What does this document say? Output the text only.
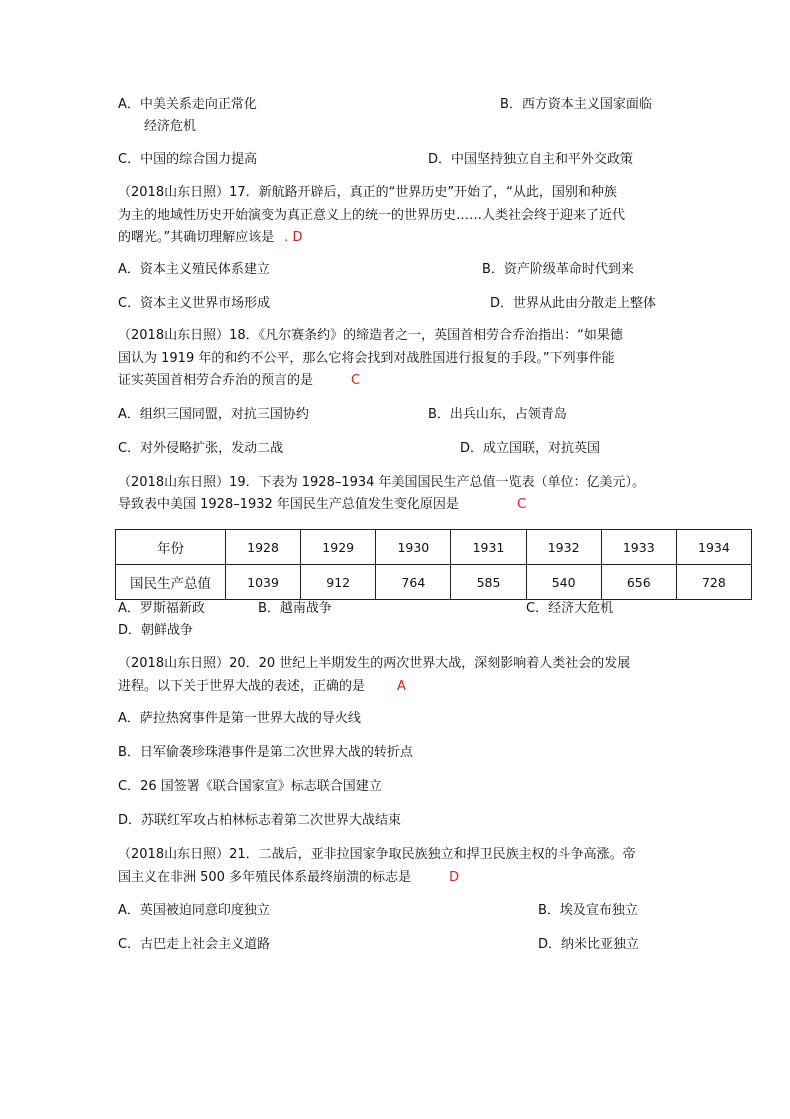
A．中美关系走向正常化	B．西方资本主义国家面临
经济危机
C．中国的综合国力提高	D．中国坚持独立自主和平外交政策
（2018山东日照）17．新航路开辟后，真正的“世界历史”开始了，“从此，国别和种族
为主的地域性历史开始演变为真正意义上的统一的世界历史……人类社会终于迎来了近代
的曙光。”其确切理解应该是 . D
A．资本主义殖民体系建立	B．资产阶级革命时代到来
C．资本主义世界市场形成	D．世界从此由分散走上整体
（2018山东日照）18．《凡尔赛条约》的缔造者之一，英国首相劳合乔治指出：“如果德
国认为 1919 年的和约不公平，那么它将会找到对战胜国进行报复的手段。”下列事件能
证实英国首相劳合乔治的预言的是	C
A．组织三国同盟，对抗三国协约	B．出兵山东，占领青岛
C．对外侵略扩张，发动二战	D．成立国联，对抗英国
（2018山东日照）19．下表为 1928–1934 年美国国民生产总值一览表（单位：亿美元）。
导致表中美国 1928–1932 年国民生产总值发生变化原因是	C
年份	1928	1929	1930	1931	1932	1933	1934
国民生产总值	1039	912	764	585	540	656	728
A．罗斯福新政	B．越南战争	C．经济大危机
D．朝鲜战争
（2018山东日照）20．20 世纪上半期发生的两次世界大战，深刻影响着人类社会的发展
进程。以下关于世界大战的表述，正确的是 A
A．萨拉热窝事件是第一世界大战的导火线
B．日军偷袭珍珠港事件是第二次世界大战的转折点
C．26 国签署《联合国家宣》标志联合国建立
D．苏联红军攻占柏林标志着第二次世界大战结束
（2018山东日照）21．二战后，亚非拉国家争取民族独立和捍卫民族主权的斗争高涨。帝
国主义在非洲 500 多年殖民体系最终崩溃的标志是	D
A．英国被迫同意印度独立	B．埃及宣布独立
C．古巴走上社会主义道路	D．纳米比亚独立
